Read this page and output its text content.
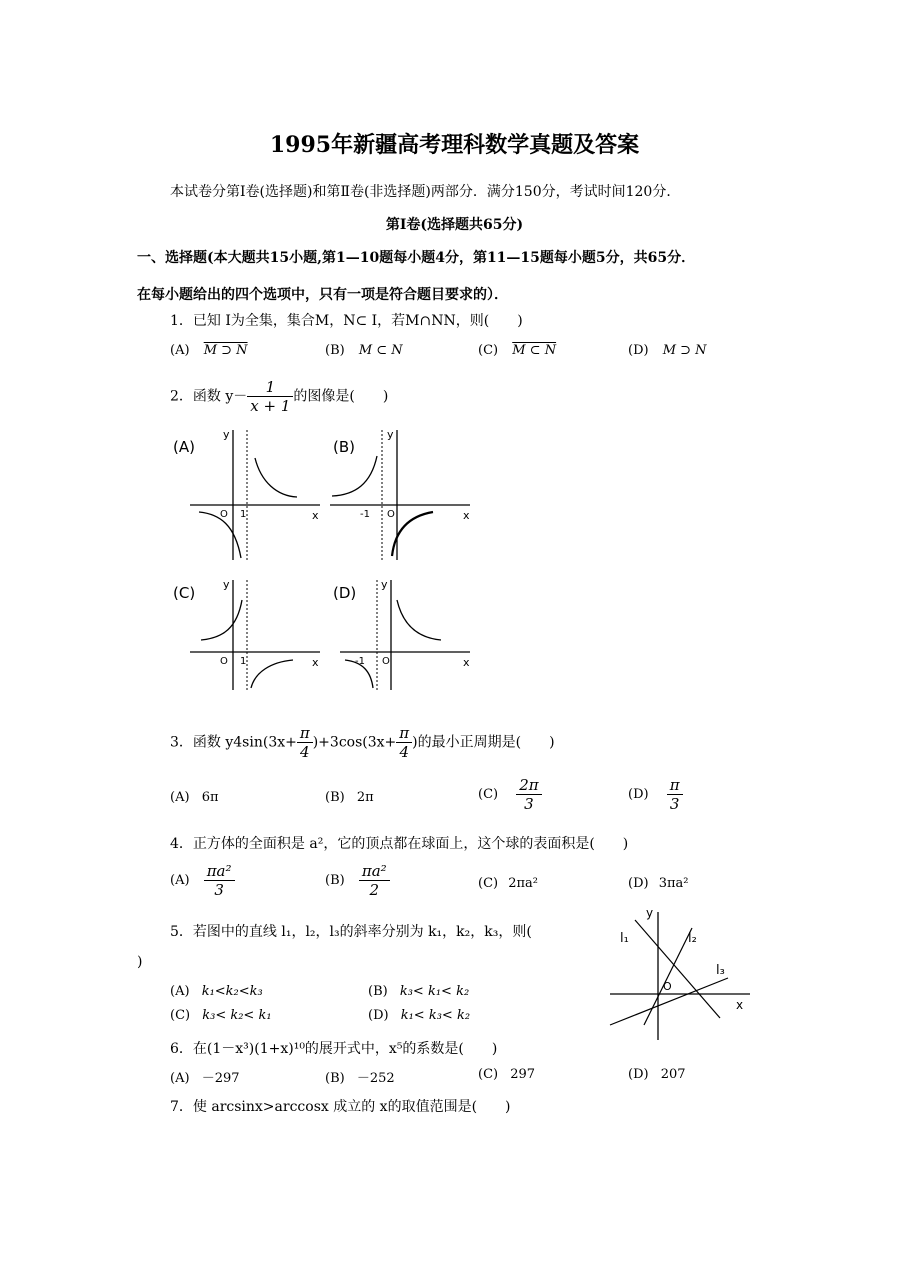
1995年新疆高考理科数学真题及答案
本试卷分第Ⅰ卷(选择题)和第Ⅱ卷(非选择题)两部分．满分150分，考试时间120分．
第Ⅰ卷(选择题共65分)
一、选择题(本大题共15小题,第1—10题每小题4分，第11—15题每小题5分，共65分．
在每小题给出的四个选项中，只有一项是符合题目要求的）．
1．已知 I为全集，集合M，N⊂ I，若M∩NN，则(　　)
(A) M ⊃ N	(B) M ⊂ N	(C) M ⊂ N	(D) M ⊃ N
2．函数 $y- \frac{1}{x + 1}$ 的图像是(　　)
(A)
O 1	x
y
(B)
-1 O	x
y
(C)
O 1	x
y	(D)
-1 O	x
y
3．函数 $y4\sin(3x+ \frac{\pi}{4} )+3\cos(3x+ \frac{\pi}{4}$ )的最小正周期是(　　)
(A) 6π	(B) 2π	$(C) \frac{2\pi}{3}$	$(D) \frac{\pi}{3}$
4．正方体的全面积是 a²，它的顶点都在球面上，这个球的表面积是(　　)
$(A) \frac{\text{πa²}}{3}$	$(B) \frac{\text{πa²}}{2}$	(C) 2πa²	(D) 3πa²
5．若图中的直线 l₁，l₂，l₃的斜率分别为 k₁，k₂，k₃，则(
)
(A) k₁<k₂<k₃	(B) k₃< k₁< k₂
(C) k₃< k₂< k₁	(D) k₁< k₃< k₂
l₁	l₂
l₃
O
x
y
6．在(1－x³)(1+x)¹⁰的展开式中，x⁵的系数是(　　)
(A) －297	(B) －252	(C) 297	(D) 207
7．使 arcsinx>arccosx 成立的 x的取值范围是(　　)
